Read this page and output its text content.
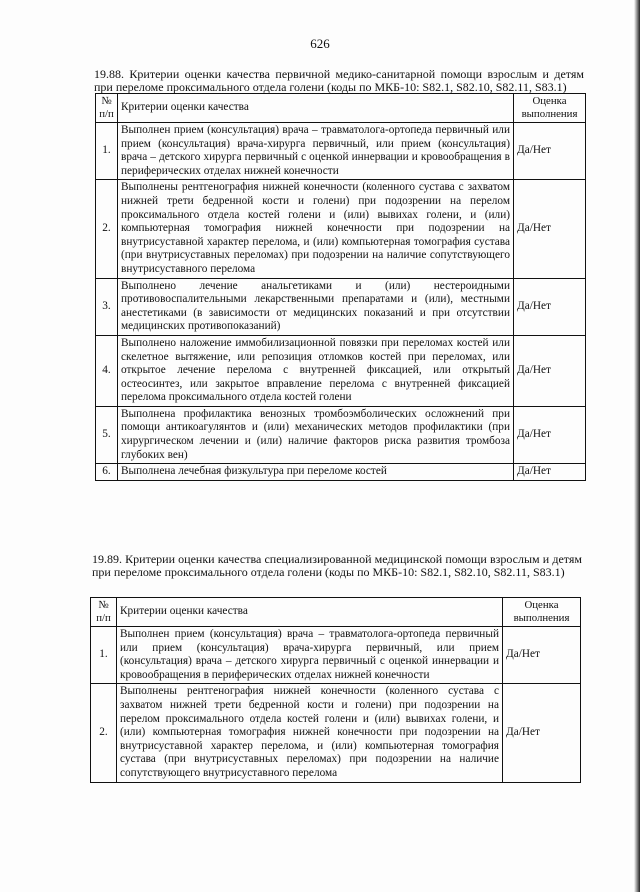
626
19.88. Критерии оценки качества первичной медико-санитарной помощи взрослым и детям при переломе проксимального отдела голени (коды по МКБ-10: S82.1, S82.10, S82.11, S83.1)
№ п/п	Критерии оценки качества	Оценка выполнения
1.	Выполнен прием (консультация) врача – травматолога-ортопеда первичный или прием (консультация) врача-хирурга первичный, или прием (консультация) врача – детского хирурга первичный с оценкой иннервации и кровообращения в периферических отделах нижней конечности	Да/Нет
2.	Выполнены рентгенография нижней конечности (коленного сустава с захватом нижней трети бедренной кости и голени) при подозрении на перелом проксимального отдела костей голени и (или) вывихах голени, и (или) компьютерная томография нижней конечности при подозрении на внутрисуставной характер перелома, и (или) компьютерная томография сустава (при внутрисуставных переломах) при подозрении на наличие сопутствующего внутрисуставного перелома	Да/Нет
3.	Выполнено лечение анальгетиками и (или) нестероидными противовоспалительными лекарственными препаратами и (или), местными анестетиками (в зависимости от медицинских показаний и при отсутствии медицинских противопоказаний)	Да/Нет
4.	Выполнено наложение иммобилизационной повязки при переломах костей или скелетное вытяжение, или репозиция отломков костей при переломах, или открытое лечение перелома с внутренней фиксацией, или открытый остеосинтез, или закрытое вправление перелома с внутренней фиксацией перелома проксимального отдела костей голени	Да/Нет
5.	Выполнена профилактика венозных тромбоэмболических осложнений при помощи антикоагулянтов и (или) механических методов профилактики (при хирургическом лечении и (или) наличие факторов риска развития тромбоза глубоких вен)	Да/Нет
6.	Выполнена лечебная физкультура при переломе костей	Да/Нет
19.89. Критерии оценки качества специализированной медицинской помощи взрослым и детям при переломе проксимального отдела голени (коды по МКБ-10: S82.1, S82.10, S82.11, S83.1)
№ п/п	Критерии оценки качества	Оценка выполнения
1.	Выполнен прием (консультация) врача – травматолога-ортопеда первичный или прием (консультация) врача-хирурга первичный, или прием (консультация) врача – детского хирурга первичный с оценкой иннервации и кровообращения в периферических отделах нижней конечности	Да/Нет
2.	Выполнены рентгенография нижней конечности (коленного сустава с захватом нижней трети бедренной кости и голени) при подозрении на перелом проксимального отдела костей голени и (или) вывихах голени, и (или) компьютерная томография нижней конечности при подозрении на внутрисуставной характер перелома, и (или) компьютерная томография сустава (при внутрисуставных переломах) при подозрении на наличие сопутствующего внутрисуставного перелома	Да/Нет
